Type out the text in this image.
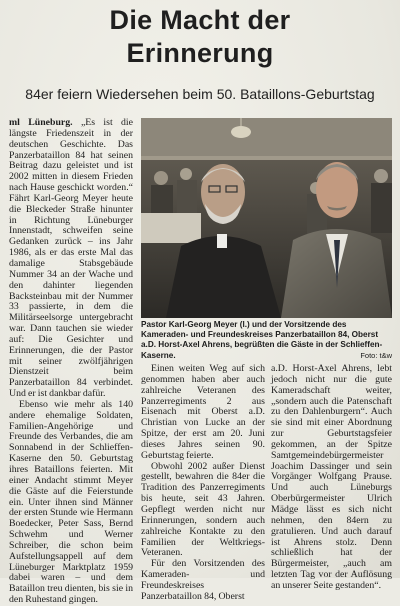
Die Macht der
Erinnerung
84er feiern Wiedersehen beim 50. Bataillons-Geburtstag

ml Lüneburg. „Es ist die längste Friedenszeit in der deutschen Geschichte. Das Panzerbataillon 84 hat seinen Beitrag dazu geleistet und ist 2002 mitten in diesem Frieden nach Hause geschickt worden.“ Fährt Karl-Georg Meyer heute die Bleckeder Straße hinunter in Richtung Lüneburger Innenstadt, schweifen seine Gedanken zurück – ins Jahr 1986, als er das erste Mal das damalige Stabsgebäude Nummer 34 an der Wache und den dahinter liegenden Backsteinbau mit der Nummer 33 passierte, in dem die Militärseelsorge untergebracht war. Dann tauchen sie wieder auf: Die Gesichter und Erinnerungen, die der Pastor mit seiner zwölfjährigen Dienstzeit beim Panzerbataillon 84 verbindet. Und er ist dankbar dafür.

Ebenso wie mehr als 140 andere ehemalige Soldaten, Familien-Angehörige und Freunde des Verbandes, die am Sonnabend in der Schlieffen-Kaserne den 50. Geburtstag ihres Bataillons feierten. Mit einer Andacht stimmt Meyer die Gäste auf die Feierstunde ein. Unter ihnen sind Männer der ersten Stunde wie Hermann Boedecker, Peter Sass, Bernd Schwehm und Werner Schreiber, die schon beim Aufstellungsappell auf dem Lüneburger Marktplatz 1959 dabei waren – und dem Bataillon treu dienten, bis sie in den Ruhestand gingen.

Pastor Karl-Georg Meyer (l.) und der Vorsitzende des Kameraden- und Freundeskreises Panzerbataillon 84, Oberst a.D. Horst-Axel Ahrens, begrüßten die Gäste in der Schlieffen-Kaserne.	Foto: t&w

Einen weiten Weg auf sich genommen haben aber auch zahlreiche Veteranen des Panzerregiments 2 aus Eisenach mit Oberst a.D. Christian von Lucke an der Spitze, der erst am 20. Juni dieses Jahres seinen 90. Geburtstag feierte.

Obwohl 2002 außer Dienst gestellt, bewahren die 84er die Tradition des Panzerregiments bis heute, seit 43 Jahren. Gepflegt werden nicht nur Erinnerungen, sondern auch zahlreiche Kontakte zu den Familien der Weltkriegs-Veteranen.

Für den Vorsitzenden des Kameraden- und Freundeskreises Panzerbataillon 84, Oberst

a.D. Horst-Axel Ahrens, lebt jedoch nicht nur die gute Kameradschaft weiter, „sondern auch die Patenschaft zu den Dahlenburgern“. Auch sie sind mit einer Abordnung zur Geburtstagsfeier gekommen, an der Spitze Samtgemeindebürgermeister Joachim Dassinger und sein Vorgänger Wolfgang Prause. Und auch Lüneburgs Oberbürgermeister Ulrich Mädge lässt es sich nicht nehmen, den 84ern zu gratulieren. Und auch darauf ist Ahrens stolz. Denn schließlich hat der Bürgermeister, „auch am letzten Tag vor der Auflösung an unserer Seite gestanden“.
